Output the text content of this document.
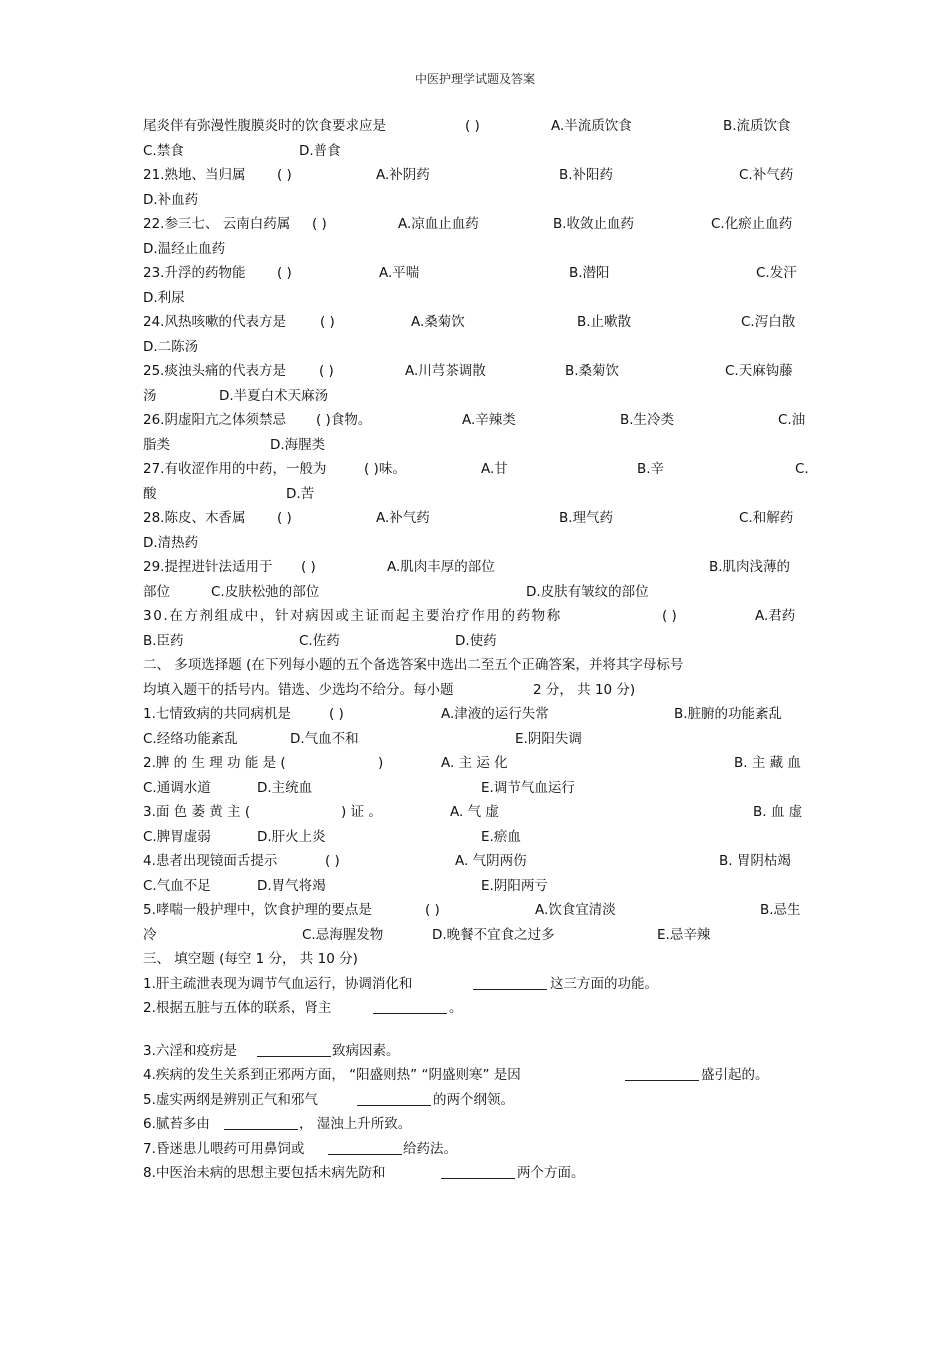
中医护理学试题及答案
尾炎伴有弥漫性腹膜炎时的饮食要求应是	( )	A.半流质饮食	B.流质饮食
C.禁食	D.普食
21.熟地、当归属 ( )	A.补阴药	B.补阳药	C.补气药
D.补血药
22.参三七、 云南白药属 ( )	A.凉血止血药	B.收敛止血药	C.化瘀止血药
D.温经止血药
23.升浮的药物能 ( )	A.平喘	B.潜阳	C.发汗
D.利尿
24.风热咳嗽的代表方是	( )	A.桑菊饮	B.止嗽散	C.泻白散
D.二陈汤
25.痰浊头痛的代表方是 ( )	A.川芎茶调散	B.桑菊饮	C.天麻钩藤
汤	D.半夏白术天麻汤
26.阴虚阳亢之体须禁忌 ( )食物。	A.辛辣类	B.生冷类	C.油
脂类	D.海腥类
27.有收涩作用的中药，一般为	( )味。	A.甘	B.辛	C.
酸	D.苦
28.陈皮、木香属 ( )	A.补气药	B.理气药	C.和解药
D.清热药
29.提捏进针法适用于 ( )	A.肌肉丰厚的部位	B.肌肉浅薄的
部位	C.皮肤松弛的部位	D.皮肤有皱纹的部位
30.在方剂组成中，针对病因或主证而起主要治疗作用的药物称	( )	A.君药
B.臣药	C.佐药	D.使药
二、 多项选择题 (在下列每小题的五个备选答案中选出二至五个正确答案，并将其字母标号
均填入题干的括号内。错选、少选均不给分。每小题	2 分， 共 10 分)
1.七情致病的共同病机是	( )	A.津液的运行失常	B.脏腑的功能紊乱
C.经络功能紊乱	D.气血不和	E.阴阳失调
2.脾 的 生 理 功 能 是 (	)	A. 主 运 化	B. 主 藏 血
C.通调水道	D.主统血	E.调节气血运行
3.面 色 萎 黄 主 (	) 证 。	A. 气 虚	B. 血 虚
C.脾胃虚弱	D.肝火上炎	E.瘀血
4.患者出现镜面舌提示	( )	A. 气阴两伤	B. 胃阴枯竭
C.气血不足	D.胃气将竭	E.阴阳两亏
5.哮喘一般护理中，饮食护理的要点是	( )	A.饮食宜清淡	B.忌生
冷	C.忌海腥发物	D.晚餐不宜食之过多	E.忌辛辣
三、 填空题 (每空 1 分， 共 10 分)
1.肝主疏泄表现为调节气血运行，协调消化和	这三方面的功能。
2.根据五脏与五体的联系，肾主	。
3.六淫和疫疠是	致病因素。
4.疾病的发生关系到正邪两方面， “阳盛则热” “阴盛则寒” 是因	盛引起的。
5.虚实两纲是辨别正气和邪气	的两个纲领。
6.腻苔多由	， 湿浊上升所致。
7.昏迷患儿喂药可用鼻饲或	给药法。
8.中医治未病的思想主要包括未病先防和	两个方面。
